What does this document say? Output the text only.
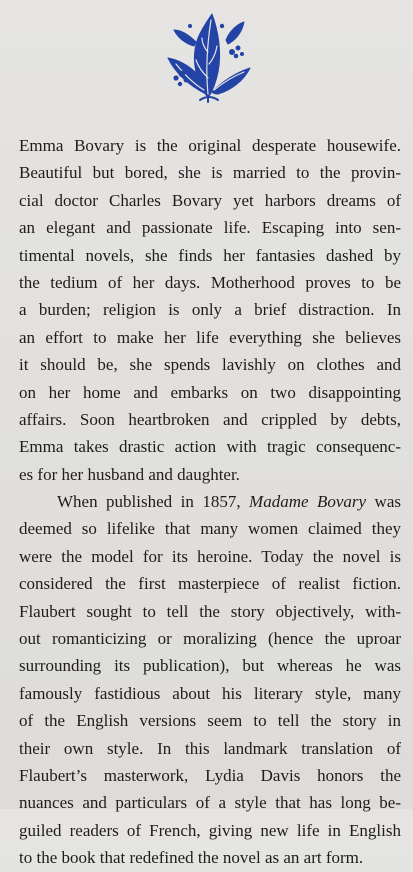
Emma Bovary is the original desperate housewife.
Beautiful but bored, she is married to the provin-
cial doctor Charles Bovary yet harbors dreams of
an elegant and passionate life. Escaping into sen-
timental novels, she finds her fantasies dashed by
the tedium of her days. Motherhood proves to be
a burden; religion is only a brief distraction. In
an effort to make her life everything she believes
it should be, she spends lavishly on clothes and
on her home and embarks on two disappointing
affairs. Soon heartbroken and crippled by debts,
Emma takes drastic action with tragic consequenc-
es for her husband and daughter.
When published in 1857, Madame Bovary was
deemed so lifelike that many women claimed they
were the model for its heroine. Today the novel is
considered the first masterpiece of realist fiction.
Flaubert sought to tell the story objectively, with-
out romanticizing or moralizing (hence the uproar
surrounding its publication), but whereas he was
famously fastidious about his literary style, many
of the English versions seem to tell the story in
their own style. In this landmark translation of
Flaubert’s masterwork, Lydia Davis honors the
nuances and particulars of a style that has long be-
guiled readers of French, giving new life in English
to the book that redefined the novel as an art form.
